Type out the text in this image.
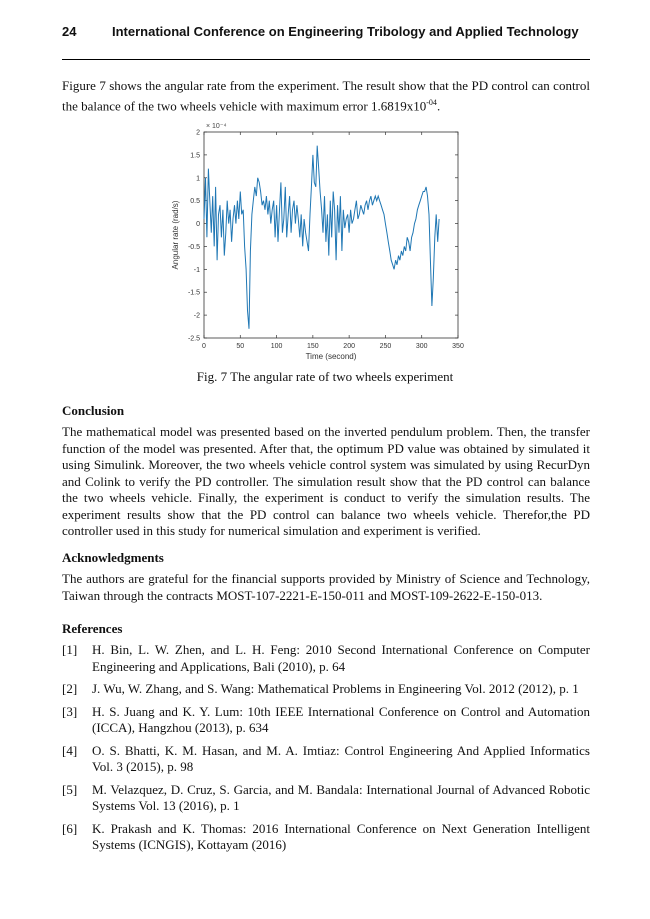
24	International Conference on Engineering Tribology and Applied Technology

Figure 7 shows the angular rate from the experiment. The result show that the PD control can control the balance of the two wheels vehicle with maximum error $1.6819x10^{-04}$.

-2.5
-2
-1.5
-1
-0.5
0
0.5
1
1.5
2
0	50	100	150	200	250	300	350
× 10⁻⁴
Time (second)
Angular rate (rad/s)
Fig. 7 The angular rate of two wheels experiment

Conclusion

The mathematical model was presented based on the inverted pendulum problem. Then, the transfer function of the model was presented. After that, the optimum PD value was obtained by simulated it using Simulink. Moreover, the two wheels vehicle control system was simulated by using RecurDyn and Colink to verify the PD controller. The simulation result show that the PD control can balance the two wheels vehicle. Finally, the experiment is conduct to verify the simulation results. The experiment results show that the PD control can balance two wheels vehicle. Therefor,the PD controller used in this study for numerical simulation and experiment is verified.

Acknowledgments

The authors are grateful for the financial supports provided by Ministry of Science and Technology, Taiwan through the contracts MOST-107-2221-E-150-011 and MOST-109-2622-E-150-013.

References

[1] H. Bin, L. W. Zhen, and L. H. Feng: 2010 Second International Conference on Computer Engineering and Applications, Bali (2010), p. 64
[2] J. Wu, W. Zhang, and S. Wang: Mathematical Problems in Engineering Vol. 2012 (2012), p. 1
[3] H. S. Juang and K. Y. Lum: 10th IEEE International Conference on Control and Automation (ICCA), Hangzhou (2013), p. 634
[4] O. S. Bhatti, K. M. Hasan, and M. A. Imtiaz: Control Engineering And Applied Informatics Vol. 3 (2015), p. 98
[5] M. Velazquez, D. Cruz, S. Garcia, and M. Bandala: International Journal of Advanced Robotic Systems Vol. 13 (2016), p. 1
[6] K. Prakash and K. Thomas: 2016 International Conference on Next Generation Intelligent Systems (ICNGIS), Kottayam (2016)
